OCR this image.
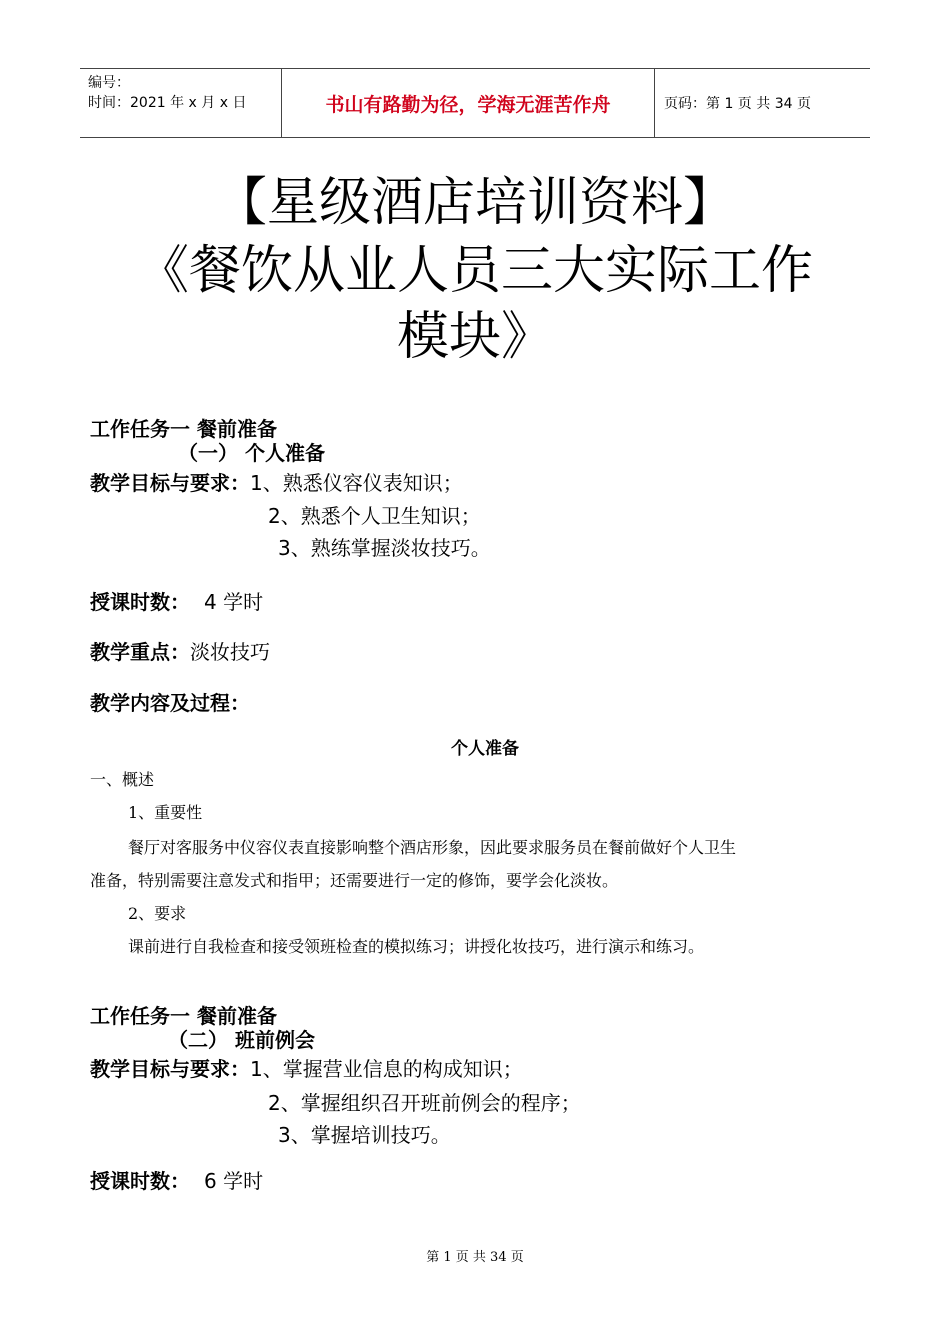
编号：
时间：2021 年 x 月 x 日	书山有路勤为径，学海无涯苦作舟	页码：第 1 页 共 34 页
【星级酒店培训资料】
《餐饮从业人员三大实际工作
模块》
工作任务一 餐前准备
（一） 个人准备
教学目标与要求：1、熟悉仪容仪表知识；
2、熟悉个人卫生知识；
3、熟练掌握淡妆技巧。
授课时数： 4 学时
教学重点：淡妆技巧
教学内容及过程：
个人准备
一、概述
1、重要性
餐厅对客服务中仪容仪表直接影响整个酒店形象，因此要求服务员在餐前做好个人卫生
准备，特别需要注意发式和指甲；还需要进行一定的修饰，要学会化淡妆。
2、要求
课前进行自我检查和接受领班检查的模拟练习；讲授化妆技巧，进行演示和练习。
工作任务一 餐前准备
（二） 班前例会
教学目标与要求：1、掌握营业信息的构成知识；
2、掌握组织召开班前例会的程序；
3、掌握培训技巧。
授课时数： 6 学时
第 1 页 共 34 页
